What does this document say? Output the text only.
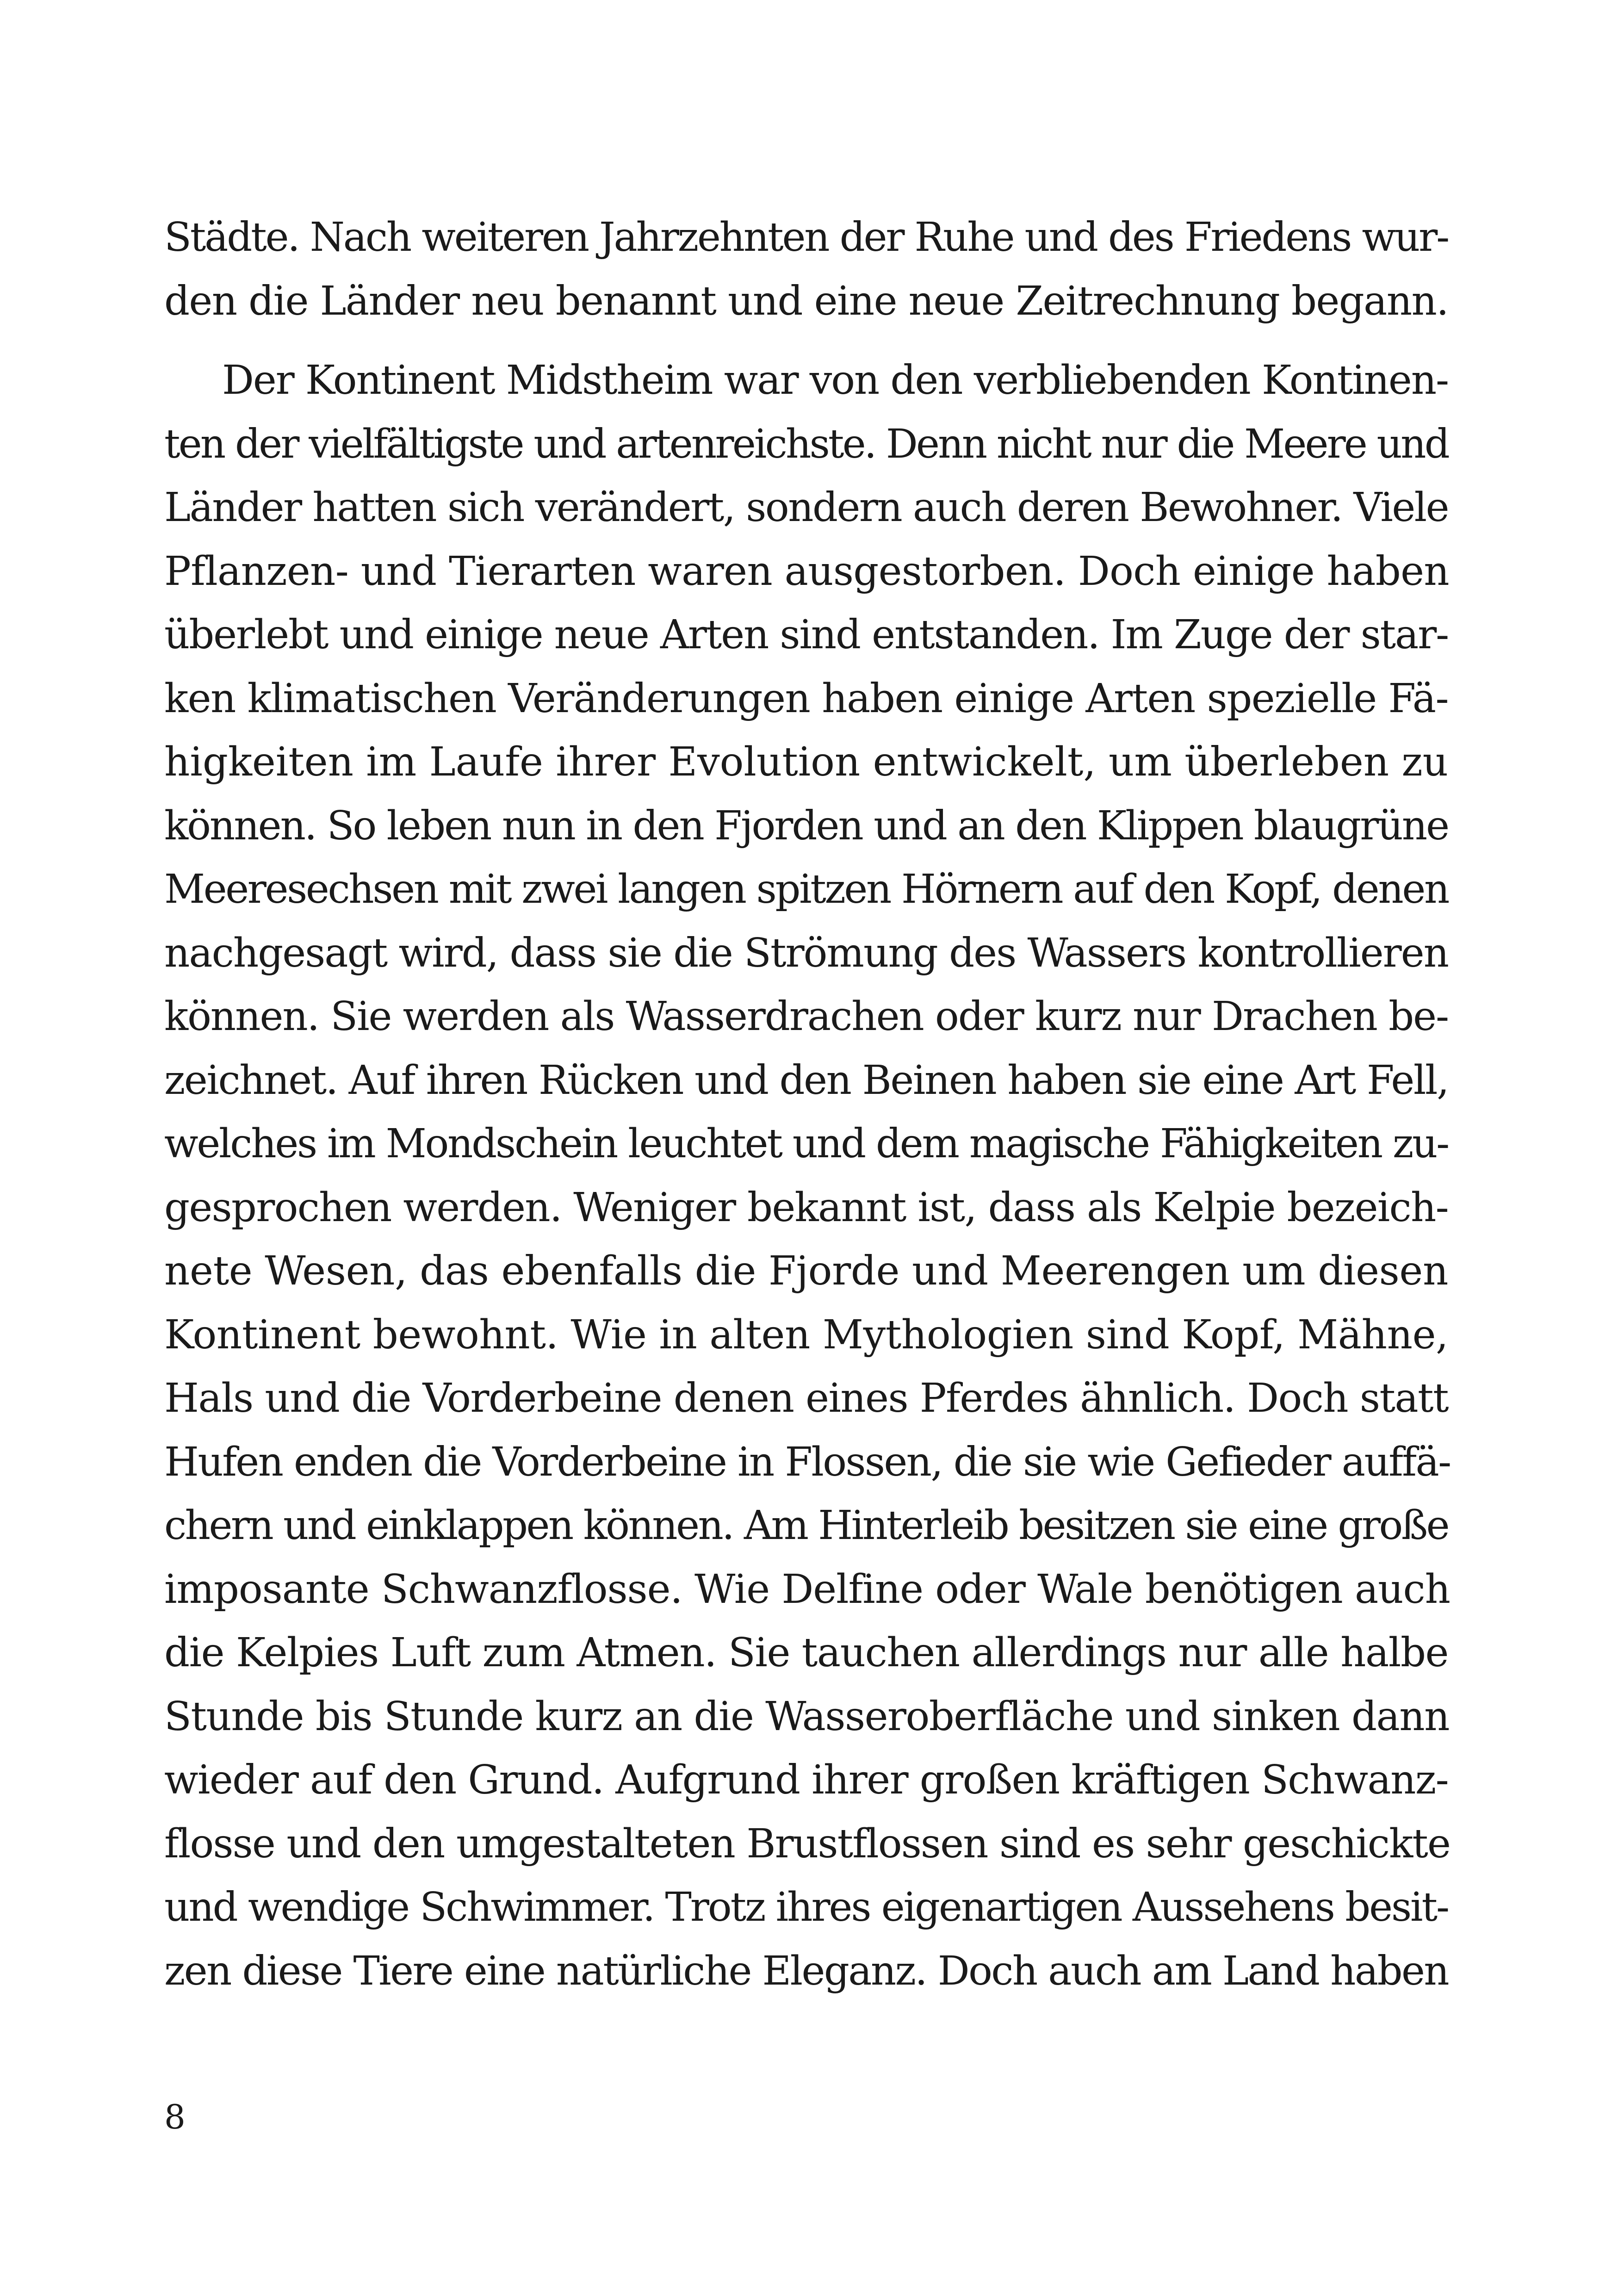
Städte. Nach weiteren Jahrzehnten der Ruhe und des Friedens wur-
den die Länder neu benannt und eine neue Zeitrechnung begann.
Der Kontinent Midstheim war von den verbliebenden Kontinen-
ten der vielfältigste und artenreichste. Denn nicht nur die Meere und
Länder hatten sich verändert, sondern auch deren Bewohner. Viele
Pflanzen- und Tierarten waren ausgestorben. Doch einige haben
überlebt und einige neue Arten sind entstanden. Im Zuge der star-
ken klimatischen Veränderungen haben einige Arten spezielle Fä-
higkeiten im Laufe ihrer Evolution entwickelt, um überleben zu
können. So leben nun in den Fjorden und an den Klippen blaugrüne
Meeresechsen mit zwei langen spitzen Hörnern auf den Kopf, denen
nachgesagt wird, dass sie die Strömung des Wassers kontrollieren
können. Sie werden als Wasserdrachen oder kurz nur Drachen be-
zeichnet. Auf ihren Rücken und den Beinen haben sie eine Art Fell,
welches im Mondschein leuchtet und dem magische Fähigkeiten zu-
gesprochen werden. Weniger bekannt ist, dass als Kelpie bezeich-
nete Wesen, das ebenfalls die Fjorde und Meerengen um diesen
Kontinent bewohnt. Wie in alten Mythologien sind Kopf, Mähne,
Hals und die Vorderbeine denen eines Pferdes ähnlich. Doch statt
Hufen enden die Vorderbeine in Flossen, die sie wie Gefieder auffä-
chern und einklappen können. Am Hinterleib besitzen sie eine große
imposante Schwanzflosse. Wie Delfine oder Wale benötigen auch
die Kelpies Luft zum Atmen. Sie tauchen allerdings nur alle halbe
Stunde bis Stunde kurz an die Wasseroberfläche und sinken dann
wieder auf den Grund. Aufgrund ihrer großen kräftigen Schwanz-
flosse und den umgestalteten Brustflossen sind es sehr geschickte
und wendige Schwimmer. Trotz ihres eigenartigen Aussehens besit-
zen diese Tiere eine natürliche Eleganz. Doch auch am Land haben
8
